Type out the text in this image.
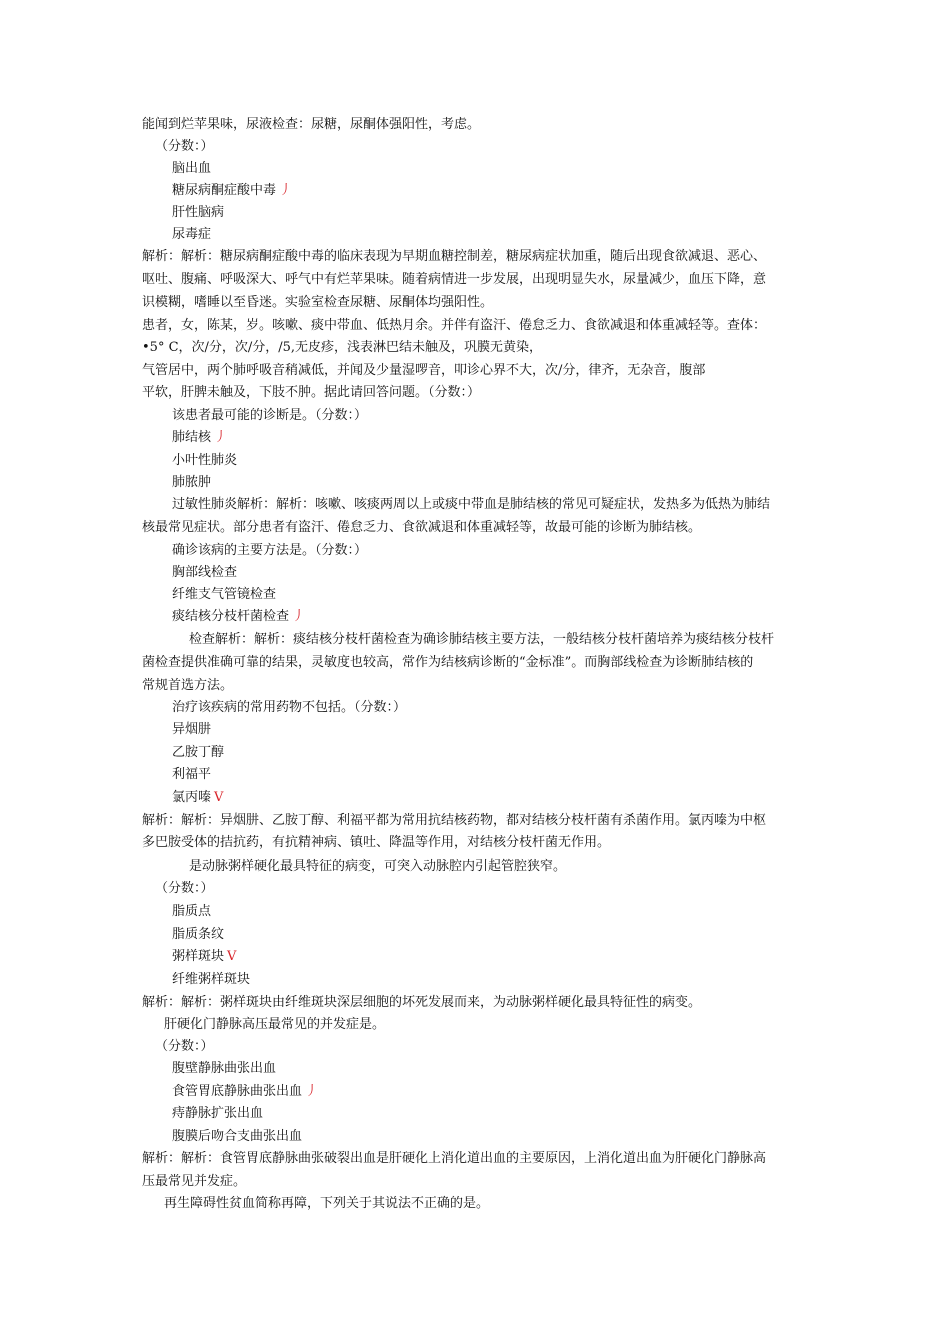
能闻到烂苹果味，尿液检查：尿糖，尿酮体强阳性，考虑。
（分数：）
脑出血
糖尿病酮症酸中毒 丿
肝性脑病
尿毒症
解析：解析：糖尿病酮症酸中毒的临床表现为早期血糖控制差，糖尿病症状加重，随后出现食欲减退、恶心、
呕吐、腹痛、呼吸深大、呼气中有烂苹果味。随着病情进一步发展，出现明显失水，尿量减少，血压下降，意
识模糊，嗜睡以至昏迷。实验室检查尿糖、尿酮体均强阳性。
患者，女，陈某，岁。咳嗽、痰中带血、低热月余。并伴有盗汗、倦怠乏力、食欲减退和体重减轻等。查体：
•5° C，次/分，次/分，/5,无皮疹，浅表淋巴结未触及，巩膜无黄染，
气管居中，两个肺呼吸音稍减低，并闻及少量湿啰音，叩诊心界不大，次/分，律齐，无杂音，腹部
平软，肝脾未触及，下肢不肿。据此请回答问题。（分数：）
该患者最可能的诊断是。（分数：）
肺结核 丿
小叶性肺炎
肺脓肿
过敏性肺炎解析：解析：咳嗽、咳痰两周以上或痰中带血是肺结核的常见可疑症状，发热多为低热为肺结
核最常见症状。部分患者有盗汗、倦怠乏力、食欲减退和体重减轻等，故最可能的诊断为肺结核。
确诊该病的主要方法是。（分数：）
胸部线检查
纤维支气管镜检查
痰结核分枝杆菌检查 丿
检查解析：解析：痰结核分枝杆菌检查为确诊肺结核主要方法，一般结核分枝杆菌培养为痰结核分枝杆
菌检查提供准确可靠的结果，灵敏度也较高，常作为结核病诊断的“金标准”。而胸部线检查为诊断肺结核的
常规首选方法。
治疗该疾病的常用药物不包括。（分数：）
异烟肼
乙胺丁醇
利福平
氯丙嗪 V
解析：解析：异烟肼、乙胺丁醇、利福平都为常用抗结核药物，都对结核分枝杆菌有杀菌作用。氯丙嗪为中枢
多巴胺受体的拮抗药，有抗精神病、镇吐、降温等作用，对结核分枝杆菌无作用。
是动脉粥样硬化最具特征的病变，可突入动脉腔内引起管腔狭窄。
（分数：）
脂质点
脂质条纹
粥样斑块 V
纤维粥样斑块
解析：解析：粥样斑块由纤维斑块深层细胞的坏死发展而来，为动脉粥样硬化最具特征性的病变。
肝硬化门静脉高压最常见的并发症是。
（分数：）
腹壁静脉曲张出血
食管胃底静脉曲张出血 丿
痔静脉扩张出血
腹膜后吻合支曲张出血
解析：解析：食管胃底静脉曲张破裂出血是肝硬化上消化道出血的主要原因，上消化道出血为肝硬化门静脉高
压最常见并发症。
再生障碍性贫血简称再障，下列关于其说法不正确的是。
